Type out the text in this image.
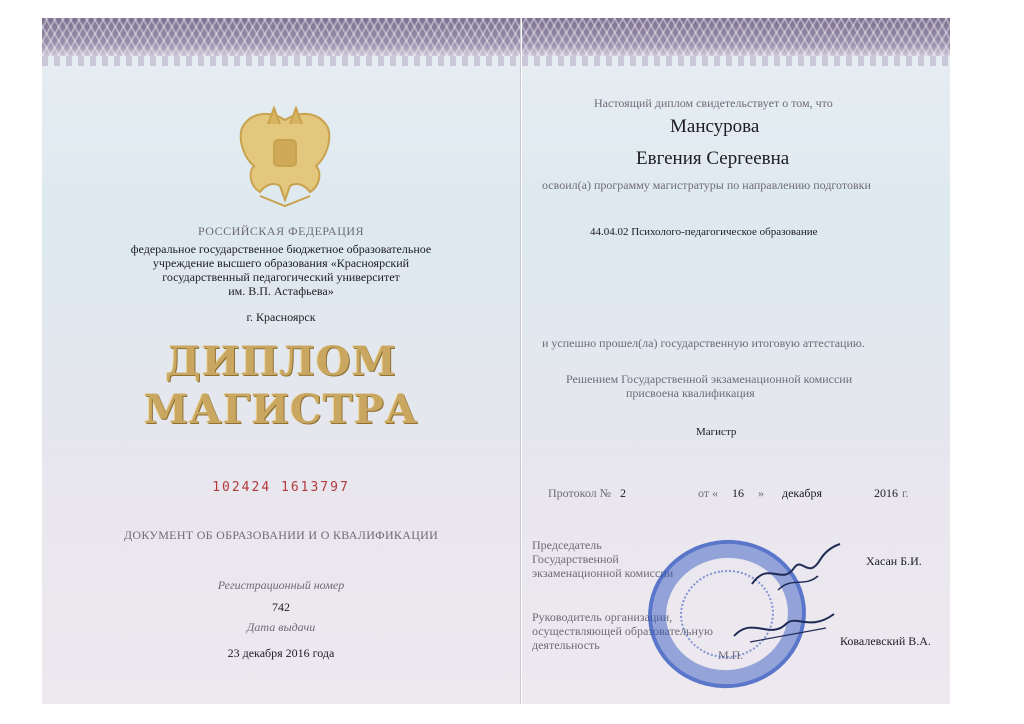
РОССИЙСКАЯ ФЕДЕРАЦИЯ
федеральное государственное бюджетное образовательное
учреждение высшего образования «Красноярский
государственный педагогический университет
им. В.П. Астафьева»
г. Красноярск
ДИПЛОМ
МАГИСТРА
102424 1613797
ДОКУМЕНТ ОБ ОБРАЗОВАНИИ И О КВАЛИФИКАЦИИ
Регистрационный номер
742
Дата выдачи
23 декабря 2016 года
Настоящий диплом свидетельствует о том, что
Мансурова
Евгения Сергеевна
освоил(а) программу магистратуры по направлению подготовки
44.04.02 Психолого-педагогическое образование
и успешно прошел(ла) государственную итоговую аттестацию.
Решением Государственной экзаменационной комиссии
присвоена квалификация
Магистр
Протокол № 2	от « 16 » декабря	2016 г.
Председатель
Государственной
экзаменационной комиссии
Хасан Б.И.
Руководитель организации,
осуществляющей образовательную
деятельность	Ковалевский В.А.
М.П.
